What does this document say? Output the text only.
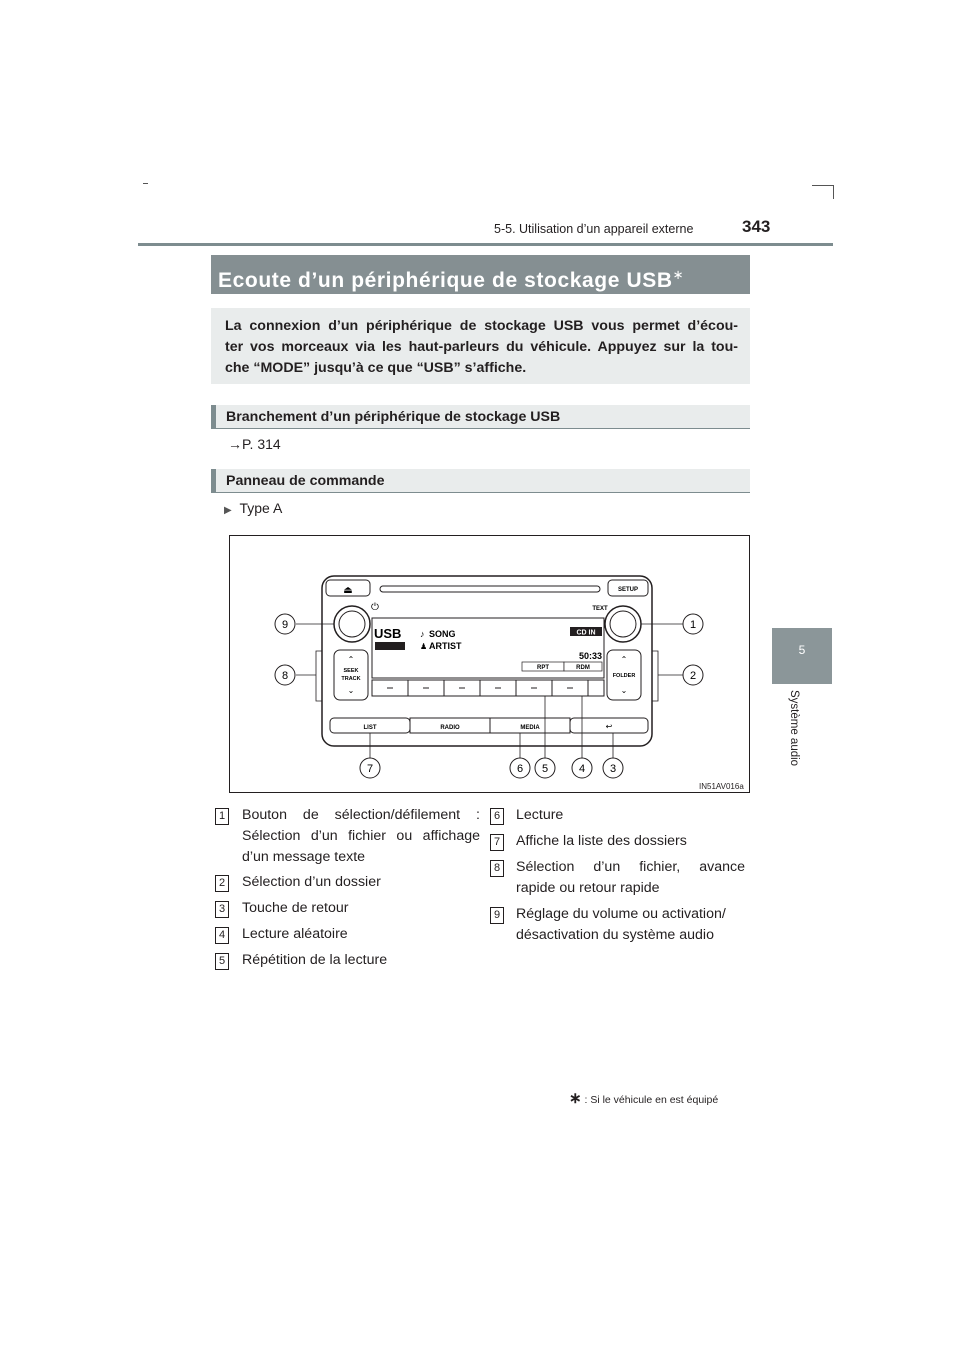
5-5. Utilisation d’un appareil externe	343
5
Système audio
Ecoute d’un périphérique de stockage USB∗
La connexion d’un périphérique de stockage USB vous permet d’écou-
ter vos morceaux via les haut-parleurs du véhicule. Appuyez sur la tou-
che “MODE” jusqu’à ce que “USB” s’affiche.
Branchement d’un périphérique de stockage USB
→P. 314
Panneau de commande
▶ Type A
⏏	SETUP
⏻	TEXT
USB ♪ SONG
♟ ARTIST
CD IN
50:33
RPT	RDM
⌃
SEEK
TRACK
⌄
⌃
FOLDER
⌄
LIST	RADIO	MEDIA	↩
9
8
1
2
7	6 5	4 3
IN51AV016a
1 Bouton de sélection/défilement :
Sélection d’un fichier ou affichage
d’un message texte
2 Sélection d’un dossier
3 Touche de retour
4 Lecture aléatoire
5 Répétition de la lecture
6 Lecture
7 Affiche la liste des dossiers
8 Sélection d’un fichier, avance
rapide ou retour rapide
9 Réglage du volume ou activation/
désactivation du système audio
∗ : Si le véhicule en est équipé
